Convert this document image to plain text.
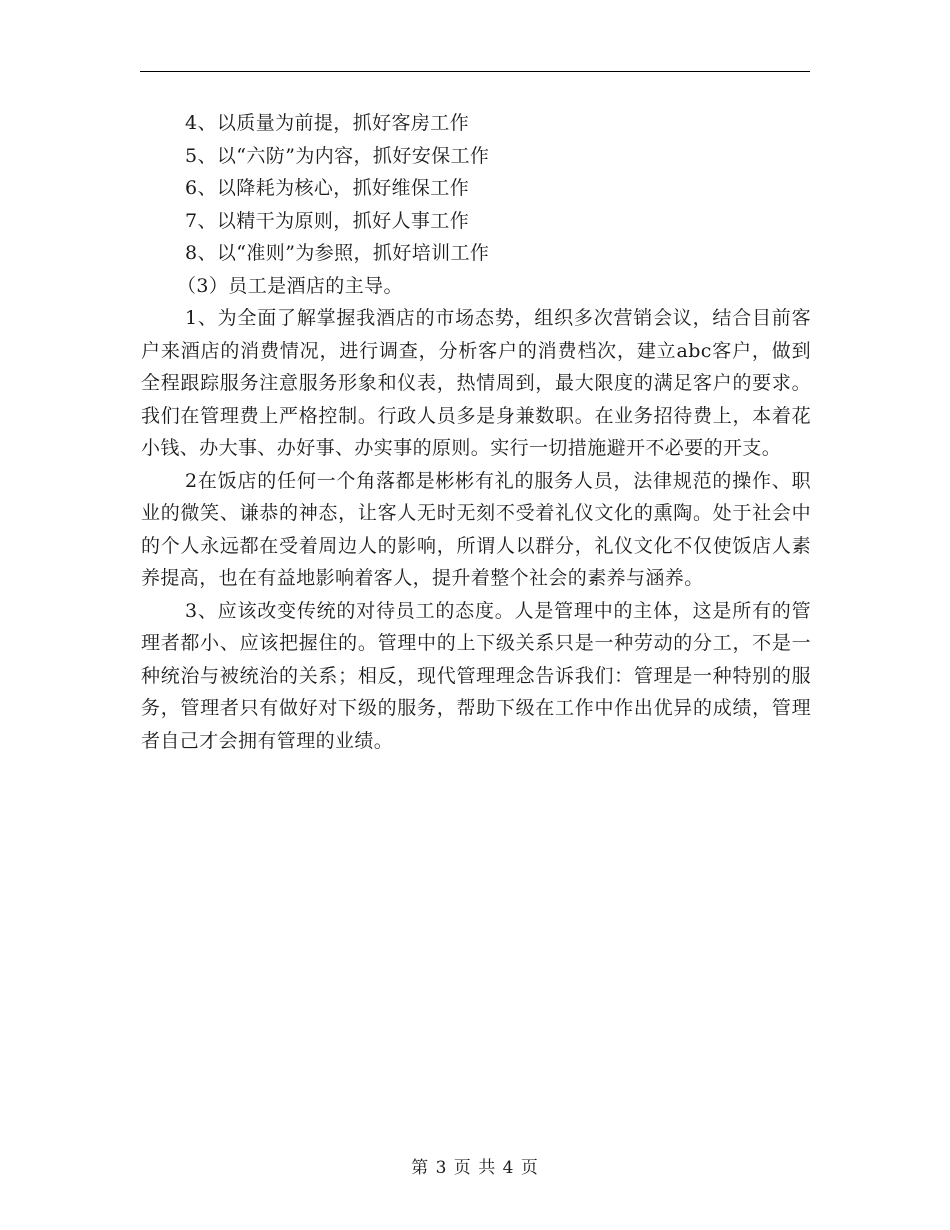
4、以质量为前提，抓好客房工作

5、以“六防”为内容，抓好安保工作

6、以降耗为核心，抓好维保工作

7、以精干为原则，抓好人事工作

8、以“准则”为参照，抓好培训工作

（3）员工是酒店的主导。

1、为全面了解掌握我酒店的市场态势，组织多次营销会议，结合目前客户来酒店的消费情况，进行调查，分析客户的消费档次，建立abc客户，做到全程跟踪服务注意服务形象和仪表，热情周到，最大限度的满足客户的要求。我们在管理费上严格控制。行政人员多是身兼数职。在业务招待费上，本着花小钱、办大事、办好事、办实事的原则。实行一切措施避开不必要的开支。

2在饭店的任何一个角落都是彬彬有礼的服务人员，法律规范的操作、职业的微笑、谦恭的神态，让客人无时无刻不受着礼仪文化的熏陶。处于社会中的个人永远都在受着周边人的影响，所谓人以群分，礼仪文化不仅使饭店人素养提高，也在有益地影响着客人，提升着整个社会的素养与涵养。

3、应该改变传统的对待员工的态度。人是管理中的主体，这是所有的管理者都小、应该把握住的。管理中的上下级关系只是一种劳动的分工，不是一种统治与被统治的关系；相反，现代管理理念告诉我们：管理是一种特别的服务，管理者只有做好对下级的服务，帮助下级在工作中作出优异的成绩，管理者自己才会拥有管理的业绩。

第 3 页 共 4 页
